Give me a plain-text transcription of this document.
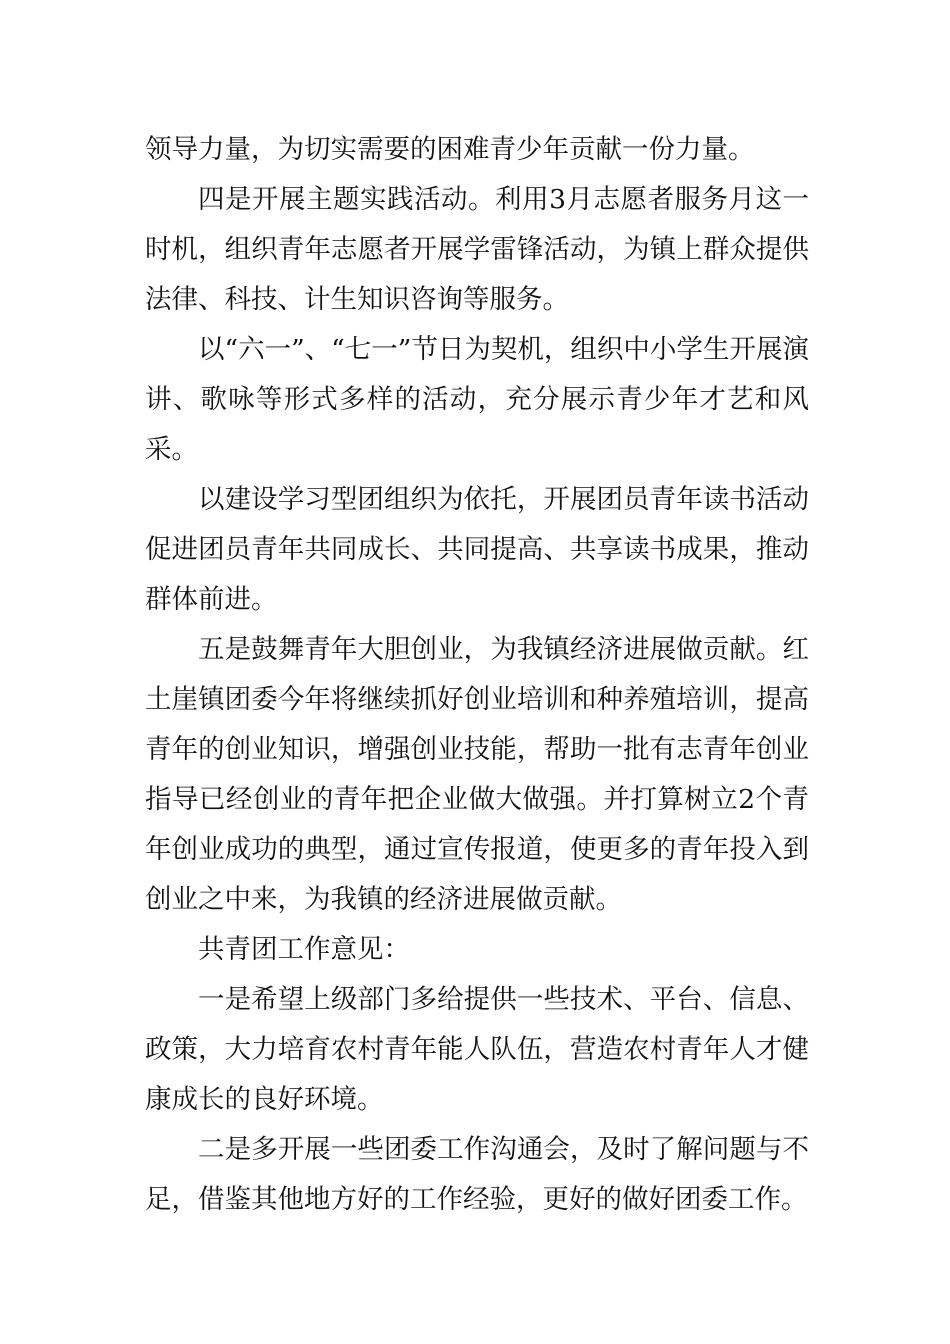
领导力量，为切实需要的困难青少年贡献一份力量。

四是开展主题实践活动。利用3月志愿者服务月这一时机，组织青年志愿者开展学雷锋活动，为镇上群众提供法律、科技、计生知识咨询等服务。

以“六一”、“七一”节日为契机，组织中小学生开展演讲、歌咏等形式多样的活动，充分展示青少年才艺和风采。

以建设学习型团组织为依托，开展团员青年读书活动促进团员青年共同成长、共同提高、共享读书成果，推动群体前进。

五是鼓舞青年大胆创业，为我镇经济进展做贡献。红土崖镇团委今年将继续抓好创业培训和种养殖培训，提高青年的创业知识，增强创业技能，帮助一批有志青年创业指导已经创业的青年把企业做大做强。并打算树立2个青年创业成功的典型，通过宣传报道，使更多的青年投入到创业之中来，为我镇的经济进展做贡献。

共青团工作意见：

一是希望上级部门多给提供一些技术、平台、信息、政策，大力培育农村青年能人队伍，营造农村青年人才健康成长的良好环境。

二是多开展一些团委工作沟通会，及时了解问题与不足，借鉴其他地方好的工作经验，更好的做好团委工作。
